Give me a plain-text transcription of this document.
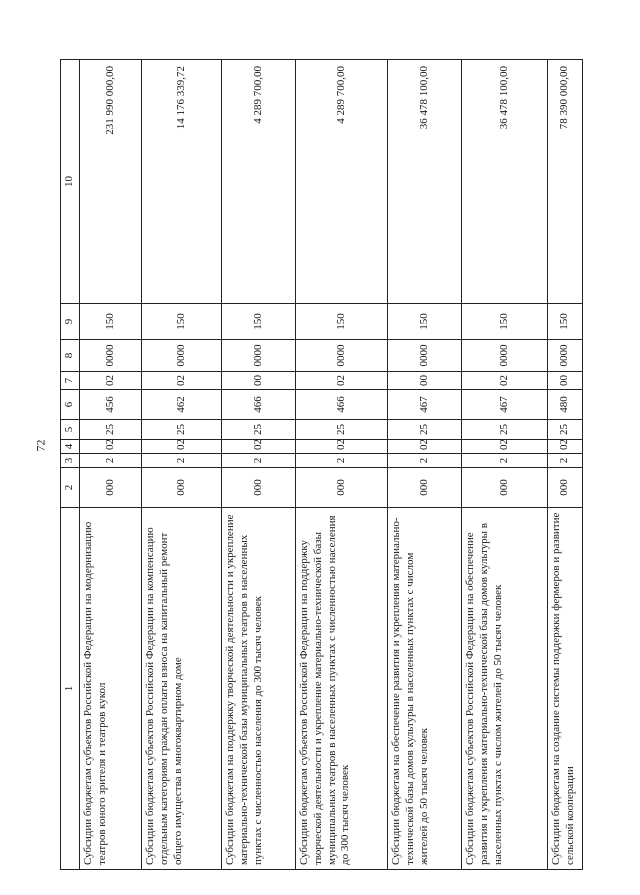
72
1	2	3	4	5	6	7	8	9	10
Субсидии бюджетам субъектов Российской Федерации на модернизацию театров юного зрителя и театров кукол	000	2	02	25	456	02	0000	150	231 990 000,00
Субсидии бюджетам субъектов Российской Федерации на компенсацию отдельным категориям граждан оплаты взноса на капитальный ремонт общего имущества в многоквартирном доме	000	2	02	25	462	02	0000	150	14 176 339,72
Субсидии бюджетам на поддержку творческой деятельности и укрепление материально-технической базы муниципальных театров в населенных пунктах с численностью населения до 300 тысяч человек	000	2	02	25	466	00	0000	150	4 289 700,00
Субсидии бюджетам субъектов Российской Федерации на поддержку творческой деятельности и укрепление материально-технической базы муниципальных театров в населенных пунктах с численностью населения до 300 тысяч человек	000	2	02	25	466	02	0000	150	4 289 700,00
Субсидии бюджетам на обеспечение развития и укрепления материально-технической базы домов культуры в населенных пунктах с числом жителей до 50 тысяч человек	000	2	02	25	467	00	0000	150	36 478 100,00
Субсидии бюджетам субъектов Российской Федерации на обеспечение развития и укрепления материально-технической базы домов культуры в населенных пунктах с числом жителей до 50 тысяч человек	000	2	02	25	467	02	0000	150	36 478 100,00
Субсидии бюджетам на создание системы поддержки фермеров и развитие сельской кооперации	000	2	02	25	480	00	0000	150	78 390 000,00
